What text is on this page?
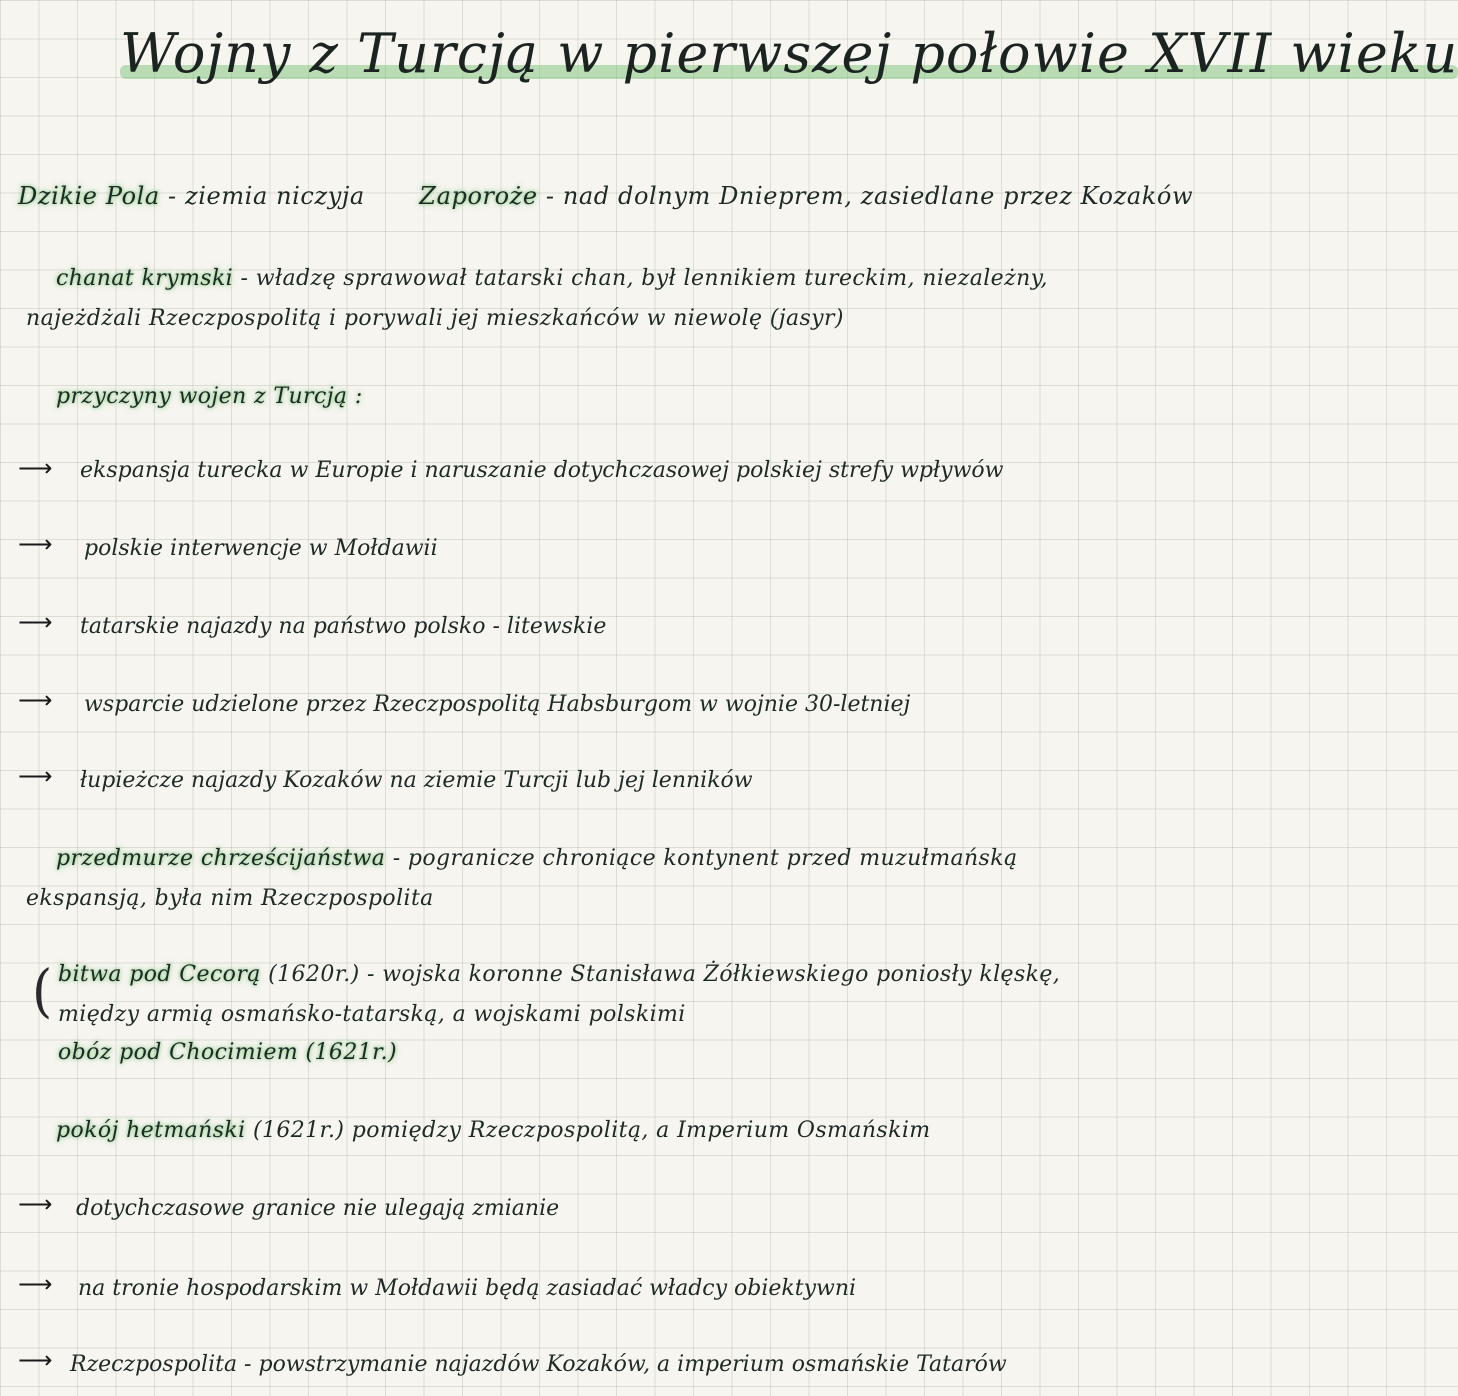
Wojny z Turcją w pierwszej połowie XVII wieku
Dzikie Pola - ziemia niczyja Zaporoże - nad dolnym Dnieprem, zasiedlane przez Kozaków
chanat krymski - władzę sprawował tatarski chan, był lennikiem tureckim, niezależny,
najeżdżali Rzeczpospolitą i porywali jej mieszkańców w niewolę (jasyr)
przyczyny wojen z Turcją :
⟶ ekspansja turecka w Europie i naruszanie dotychczasowej polskiej strefy wpływów
⟶ polskie interwencje w Mołdawii
⟶ tatarskie najazdy na państwo polsko - litewskie
⟶ wsparcie udzielone przez Rzeczpospolitą Habsburgom w wojnie 30-letniej
⟶ łupieżcze najazdy Kozaków na ziemie Turcji lub jej lenników
przedmurze chrześcijaństwa - pogranicze chroniące kontynent przed muzułmańską
ekspansją, była nim Rzeczpospolita
( bitwa pod Cecorą (1620r.) - wojska koronne Stanisława Żółkiewskiego poniosły klęskę,
między armią osmańsko-tatarską, a wojskami polskimi
obóz pod Chocimiem (1621r.)
pokój hetmański (1621r.) pomiędzy Rzeczpospolitą, a Imperium Osmańskim
⟶ dotychczasowe granice nie ulegają zmianie
⟶ na tronie hospodarskim w Mołdawii będą zasiadać władcy obiektywni
⟶ Rzeczpospolita - powstrzymanie najazdów Kozaków, a imperium osmańskie Tatarów
